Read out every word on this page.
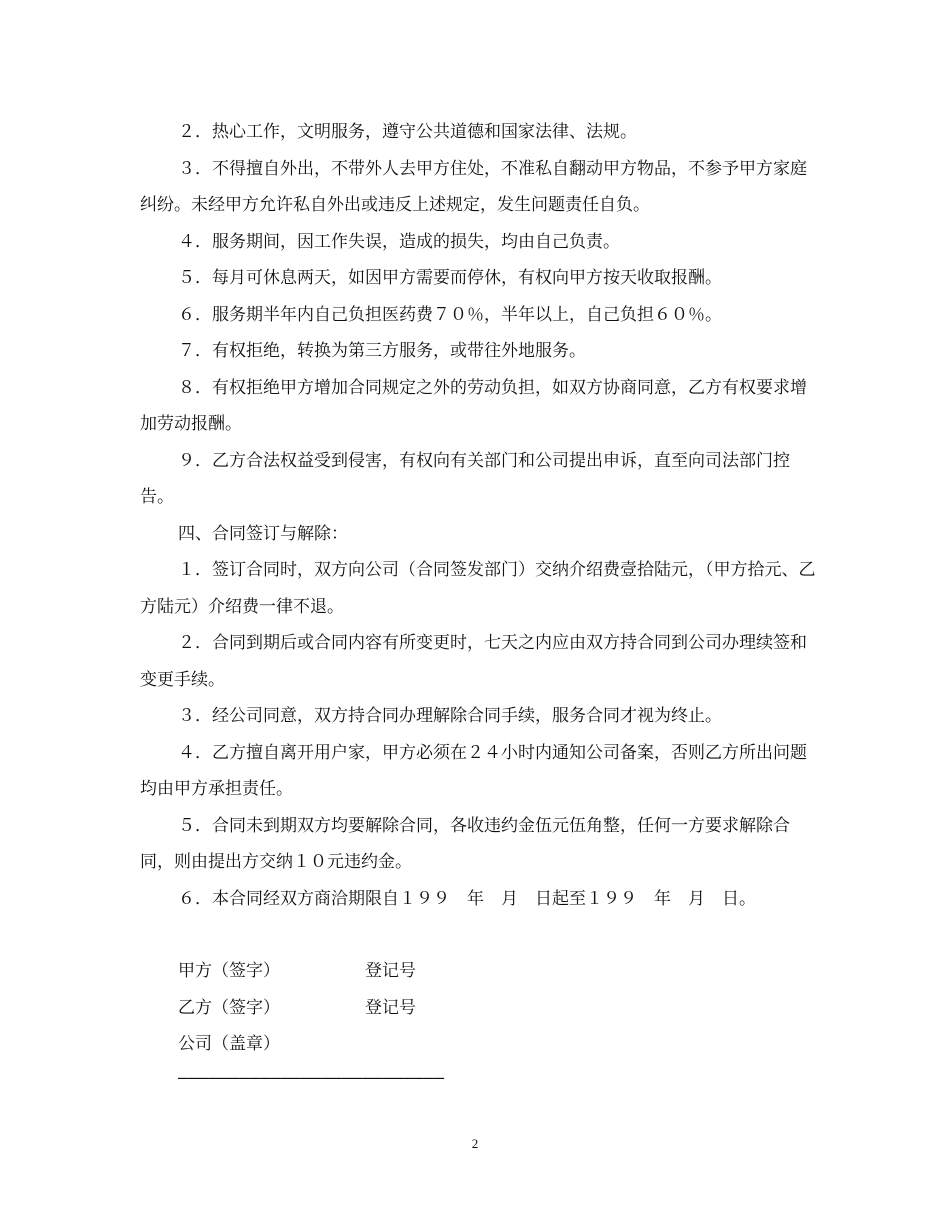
２．热心工作，文明服务，遵守公共道德和国家法律、法规。

３．不得擅自外出，不带外人去甲方住处，不准私自翻动甲方物品，不参予甲方家庭纠纷。未经甲方允许私自外出或违反上述规定，发生问题责任自负。

４．服务期间，因工作失误，造成的损失，均由自己负责。

５．每月可休息两天，如因甲方需要而停休，有权向甲方按天收取报酬。

６．服务期半年内自己负担医药费７０％，半年以上，自己负担６０％。

７．有权拒绝，转换为第三方服务，或带往外地服务。

８．有权拒绝甲方增加合同规定之外的劳动负担，如双方协商同意，乙方有权要求增加劳动报酬。

９．乙方合法权益受到侵害，有权向有关部门和公司提出申诉，直至向司法部门控告。

四、合同签订与解除：

１．签订合同时，双方向公司（合同签发部门）交纳介绍费壹拾陆元，（甲方拾元、乙方陆元）介绍费一律不退。

２．合同到期后或合同内容有所变更时，七天之内应由双方持合同到公司办理续签和变更手续。

３．经公司同意，双方持合同办理解除合同手续，服务合同才视为终止。

４．乙方擅自离开用户家，甲方必须在２４小时内通知公司备案，否则乙方所出问题均由甲方承担责任。

５．合同未到期双方均要解除合同，各收违约金伍元伍角整，任何一方要求解除合同，则由提出方交纳１０元违约金。

６．本合同经双方商洽期限自１９９　年　月　日起至１９９　年　月　日。

甲方（签字）	登记号
乙方（签字）	登记号
公司（盖章）
——————————————————————————
2
